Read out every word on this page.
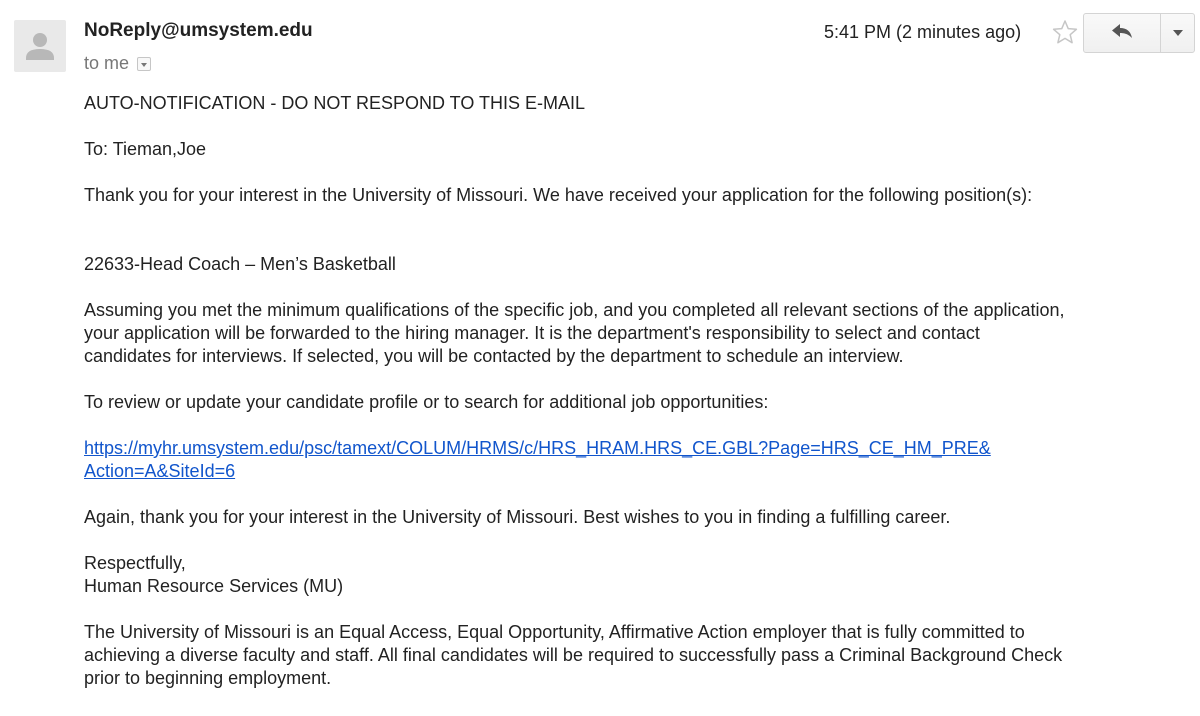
NoReply@umsystem.edu
to me
5:41 PM (2 minutes ago)

AUTO-NOTIFICATION - DO NOT RESPOND TO THIS E-MAIL

To: Tieman,Joe

Thank you for your interest in the University of Missouri. We have received your application for the following position(s):

22633-Head Coach – Men’s Basketball

Assuming you met the minimum qualifications of the specific job, and you completed all relevant sections of the application,

your application will be forwarded to the hiring manager. It is the department's responsibility to select and contact

candidates for interviews. If selected, you will be contacted by the department to schedule an interview.

To review or update your candidate profile or to search for additional job opportunities:

https://myhr.umsystem.edu/psc/tamext/COLUM/HRMS/c/HRS_HRAM.HRS_CE.GBL?Page=HRS_CE_HM_PRE&

Action=A&SiteId=6

Again, thank you for your interest in the University of Missouri. Best wishes to you in finding a fulfilling career.

Respectfully,

Human Resource Services (MU)

The University of Missouri is an Equal Access, Equal Opportunity, Affirmative Action employer that is fully committed to

achieving a diverse faculty and staff. All final candidates will be required to successfully pass a Criminal Background Check

prior to beginning employment.
